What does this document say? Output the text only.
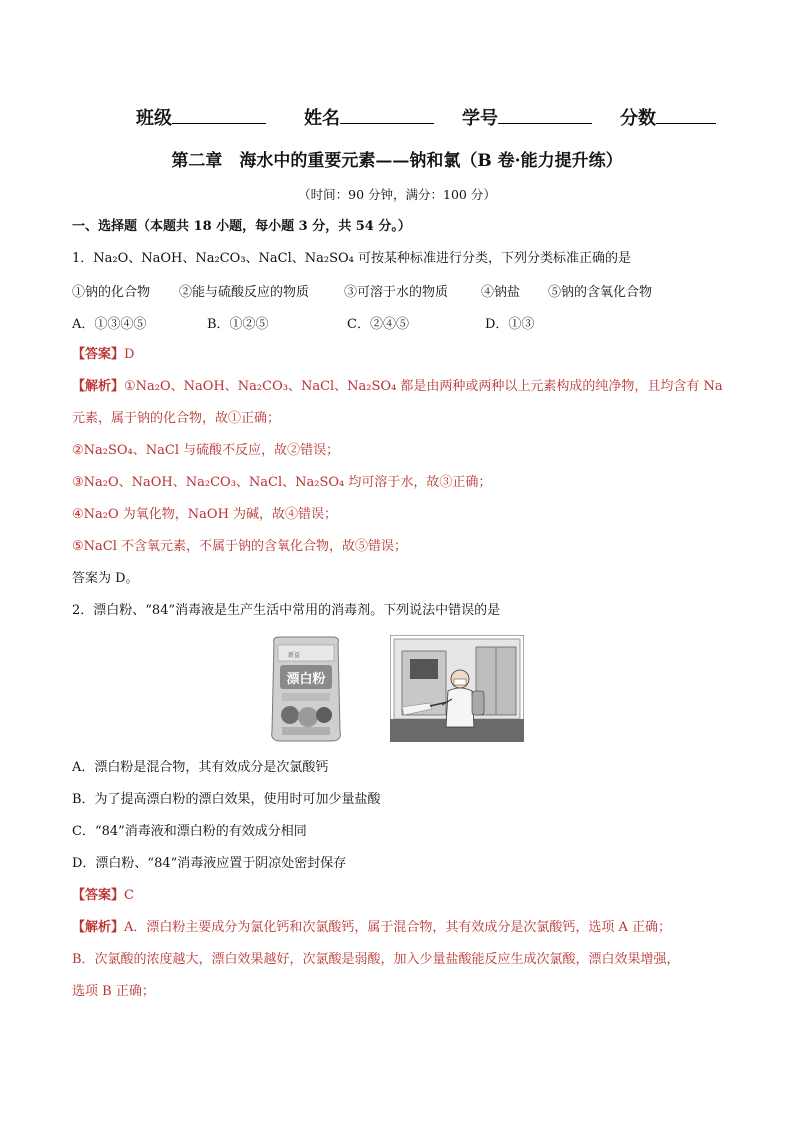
班级	姓名	学号	分数
第二章　海水中的重要元素——钠和氯（B 卷·能力提升练）
（时间：90 分钟，满分：100 分）
一、选择题（本题共 18 小题，每小题 3 分，共 54 分。）
1．Na₂O、NaOH、Na₂CO₃、NaCl、Na₂SO₄ 可按某种标准进行分类，下列分类标准正确的是
①钠的化合物 ②能与硫酸反应的物质	③可溶于水的物质	④钠盐 ⑤钠的含氧化合物
A．①③④⑤	B．①②⑤	C．②④⑤	D．①③
【答案】D
【解析】①Na₂O、NaOH、Na₂CO₃、NaCl、Na₂SO₄ 都是由两种或两种以上元素构成的纯净物，且均含有 Na
元素，属于钠的化合物，故①正确；
②Na₂SO₄、NaCl 与硫酸不反应，故②错误；
③Na₂O、NaOH、Na₂CO₃、NaCl、Na₂SO₄ 均可溶于水，故③正确；
④Na₂O 为氧化物，NaOH 为碱，故④错误；
⑤NaCl 不含氧元素，不属于钠的含氧化合物，故⑤错误；
答案为 D。
2．漂白粉、“84”消毒液是生产生活中常用的消毒剂。下列说法中错误的是
漂白粉
新益
A．漂白粉是混合物，其有效成分是次氯酸钙
B．为了提高漂白粉的漂白效果，使用时可加少量盐酸
C．“84”消毒液和漂白粉的有效成分相同
D．漂白粉、“84”消毒液应置于阴凉处密封保存
【答案】C
【解析】A．漂白粉主要成分为氯化钙和次氯酸钙，属于混合物，其有效成分是次氯酸钙，选项 A 正确；
B．次氯酸的浓度越大，漂白效果越好，次氯酸是弱酸，加入少量盐酸能反应生成次氯酸，漂白效果增强，
选项 B 正确；
